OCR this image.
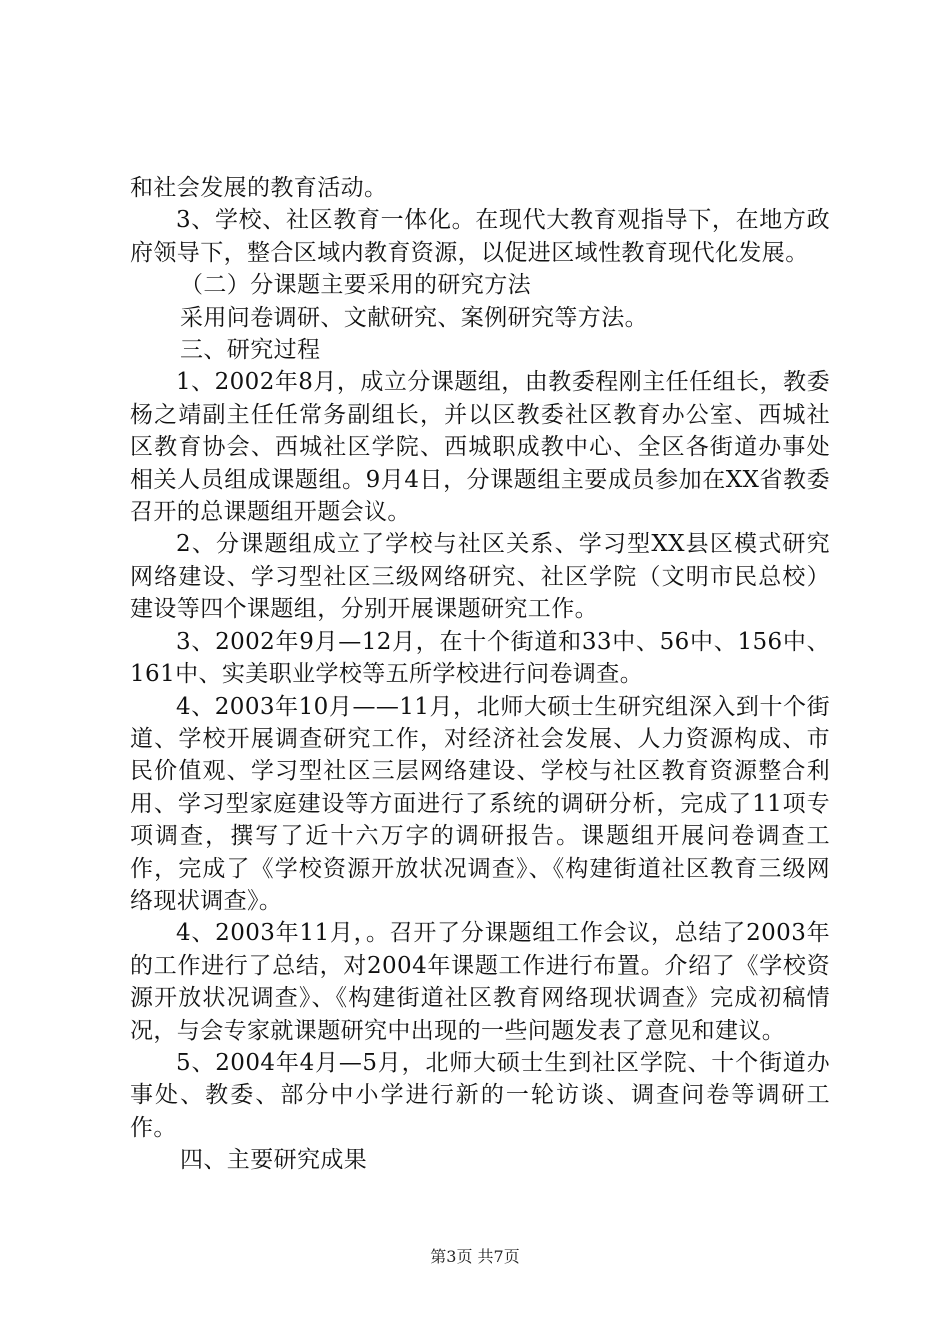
和社会发展的教育活动。

3、学校、社区教育一体化。在现代大教育观指导下，在地方政府领导下，整合区域内教育资源，以促进区域性教育现代化发展。

（二）分课题主要采用的研究方法

采用问卷调研、文献研究、案例研究等方法。

三、研究过程

1、2002年8月，成立分课题组，由教委程刚主任任组长，教委杨之靖副主任任常务副组长，并以区教委社区教育办公室、西城社区教育协会、西城社区学院、西城职成教中心、全区各街道办事处相关人员组成课题组。9月4日，分课题组主要成员参加在XX省教委召开的总课题组开题会议。

2、分课题组成立了学校与社区关系、学习型XX县区模式研究网络建设、学习型社区三级网络研究、社区学院（文明市民总校）建设等四个课题组，分别开展课题研究工作。

3、2002年9月—12月，在十个街道和33中、56中、156中、161中、实美职业学校等五所学校进行问卷调查。

4、2003年10月——11月，北师大硕士生研究组深入到十个街道、学校开展调查研究工作，对经济社会发展、人力资源构成、市民价值观、学习型社区三层网络建设、学校与社区教育资源整合利用、学习型家庭建设等方面进行了系统的调研分析，完成了11项专项调查，撰写了近十六万字的调研报告。课题组开展问卷调查工作，完成了《学校资源开放状况调查》、《构建街道社区教育三级网络现状调查》。

4、2003年11月，。召开了分课题组工作会议，总结了2003年的工作进行了总结，对2004年课题工作进行布置。介绍了《学校资源开放状况调查》、《构建街道社区教育网络现状调查》完成初稿情况，与会专家就课题研究中出现的一些问题发表了意见和建议。

5、2004年4月—5月，北师大硕士生到社区学院、十个街道办事处、教委、部分中小学进行新的一轮访谈、调查问卷等调研工作。

四、主要研究成果

第3页 共7页
